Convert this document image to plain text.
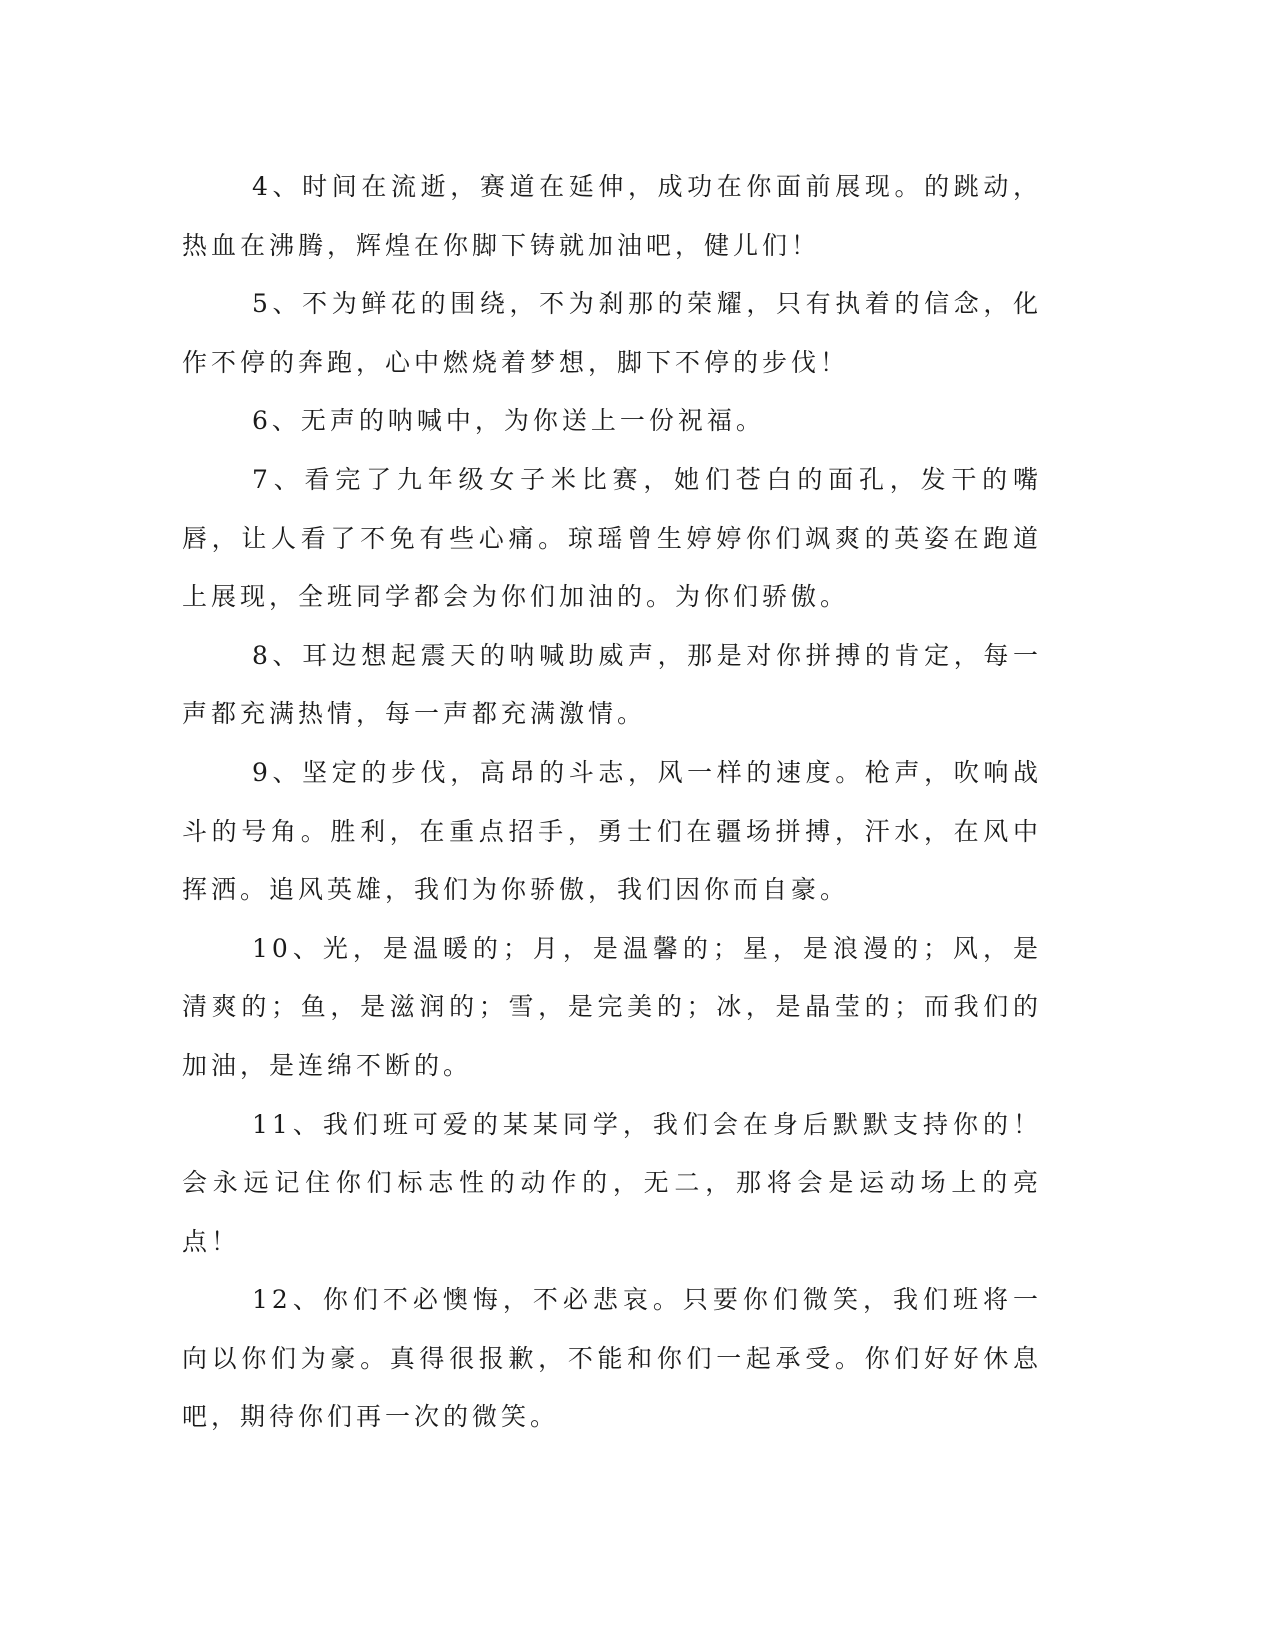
4、时间在流逝，赛道在延伸，成功在你面前展现。的跳动，热血在沸腾，辉煌在你脚下铸就加油吧，健儿们！

5、不为鲜花的围绕，不为刹那的荣耀，只有执着的信念，化作不停的奔跑，心中燃烧着梦想，脚下不停的步伐！

6、无声的呐喊中，为你送上一份祝福。

7、看完了九年级女子米比赛，她们苍白的面孔，发干的嘴唇，让人看了不免有些心痛。琼瑶曾生婷婷你们飒爽的英姿在跑道上展现，全班同学都会为你们加油的。为你们骄傲。

8、耳边想起震天的呐喊助威声，那是对你拼搏的肯定，每一声都充满热情，每一声都充满激情。

9、坚定的步伐，高昂的斗志，风一样的速度。枪声，吹响战斗的号角。胜利，在重点招手，勇士们在疆场拼搏，汗水，在风中挥洒。追风英雄，我们为你骄傲，我们因你而自豪。

10、光，是温暖的；月，是温馨的；星，是浪漫的；风，是清爽的；鱼，是滋润的；雪，是完美的；冰，是晶莹的；而我们的加油，是连绵不断的。

11、我们班可爱的某某同学，我们会在身后默默支持你的！会永远记住你们标志性的动作的，无二，那将会是运动场上的亮点！

12、你们不必懊悔，不必悲哀。只要你们微笑，我们班将一向以你们为豪。真得很报歉，不能和你们一起承受。你们好好休息吧，期待你们再一次的微笑。
